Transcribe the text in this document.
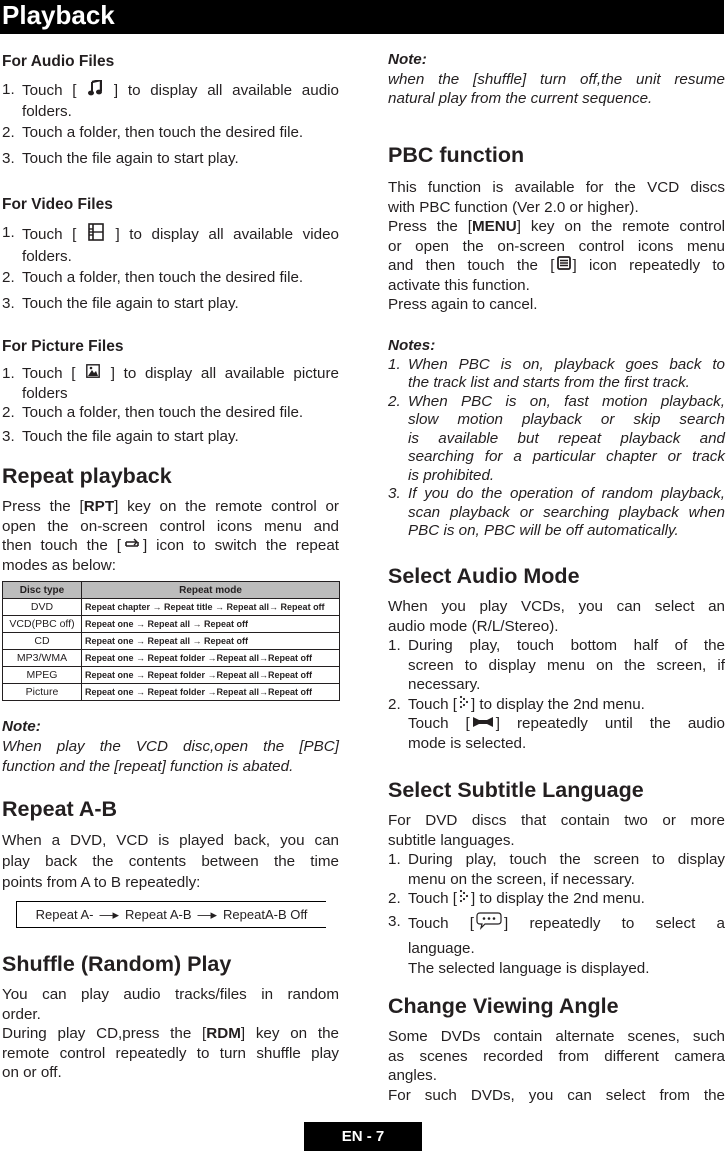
Playback
For Audio Files
1. Touch [ ] to display all available audio
folders.
2. Touch a folder, then touch the desired file.
3. Touch the file again to start play.
For Video Files
1. Touch [	] to display all available video
folders.
2. Touch a folder, then touch the desired file.
3. Touch the file again to start play.
For Picture Files
1. Touch [ ] to display all available picture
folders
2. Touch a folder, then touch the desired file.
3. Touch the file again to start play.
Repeat playback

Press the [RPT] key on the remote control or

open the on-screen control icons menu and

then touch the [ ] icon to switch the repeat

modes as below:

Disc type	Repeat mode
DVD	Repeat chapter → Repeat title → Repeat all→ Repeat off
VCD(PBC off)	Repeat one → Repeat all → Repeat off
CD	Repeat one → Repeat all → Repeat off
MP3/WMA	Repeat one → Repeat folder →Repeat all→Repeat off
MPEG	Repeat one → Repeat folder →Repeat all→Repeat off
Picture	Repeat one → Repeat folder →Repeat all→Repeat off

Note:

When play the VCD disc,open the [PBC]

function and the [repeat] function is abated.

Repeat A-B

When a DVD, VCD is played back, you can

play back the contents between the time

points from A to B repeatedly:

Repeat A- —▸ Repeat A-B —▸ RepeatA-B Off
Shuffle (Random) Play

You can play audio tracks/files in random

order.

During play CD,press the [RDM] key on the

remote control repeatedly to turn shuffle play

on or off.

Note:

when the [shuffle] turn off,the unit resume

natural play from the current sequence.

PBC function

This function is available for the VCD discs

with PBC function (Ver 2.0 or higher).

Press the [MENU] key on the remote control

or open the on-screen control icons menu

and then touch the [ ] icon repeatedly to

activate this function.

Press again to cancel.

Notes:

1. When PBC is on, playback goes back to
the track list and starts from the first track.
2. When PBC is on, fast motion playback,
slow motion playback or skip search
is available but repeat playback and
searching for a particular chapter or track
is prohibited.
3. If you do the operation of random playback,
scan playback or searching playback when
PBC is on, PBC will be off automatically.
Select Audio Mode

When you play VCDs, you can select an

audio mode (R/L/Stereo).

1. During play, touch bottom half of the
screen to display menu on the screen, if
necessary.
2. Touch [ ] to display the 2nd menu.
Touch [ ] repeatedly until the audio
mode is selected.
Select Subtitle Language

For DVD discs that contain two or more

subtitle languages.

1. During play, touch the screen to display
menu on the screen, if necessary.
2. Touch [ ] to display the 2nd menu.
3. Touch [ ] repeatedly to select a
language.
The selected language is displayed.
Change Viewing Angle

Some DVDs contain alternate scenes, such

as scenes recorded from different camera

angles.

For such DVDs, you can select from the

EN - 7
